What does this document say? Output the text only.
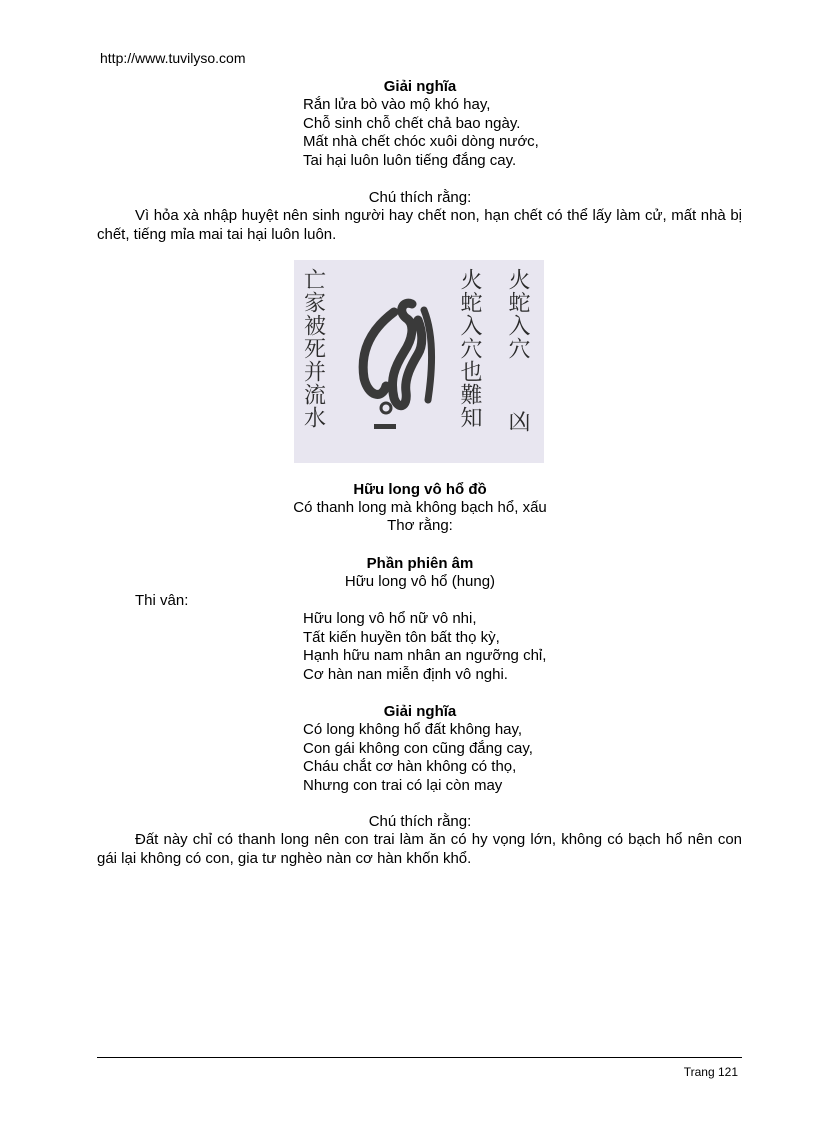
http://www.tuvilyso.com
Giải nghĩa
Rắn lửa bò vào mộ khó hay,
Chỗ sinh chỗ chết chả bao ngày.
Mất nhà chết chóc xuôi dòng nước,
Tai hại luôn luôn tiếng đắng cay.
Chú thích rằng:
Vì hỏa xà nhập huyệt nên sinh người hay chết non, hạn chết có thể lấy làm cử, mất nhà bị chết, tiếng mỉa mai tai hại luôn luôn.
火蛇入穴
凶
火蛇入穴也難知
亡家被死并流水
Hữu long vô hổ đồ
Có thanh long mà không bạch hổ, xấu
Thơ rằng:
Phần phiên âm
Hữu long vô hổ (hung)
Thi vân:
Hữu long vô hổ nữ vô nhi,
Tất kiến huyền tôn bất thọ kỳ,
Hạnh hữu nam nhân an ngưỡng chỉ,
Cơ hàn nan miễn định vô nghi.
Giải nghĩa
Có long không hổ đất không hay,
Con gái không con cũng đắng cay,
Cháu chắt cơ hàn không có thọ,
Nhưng con trai có lại còn may
Chú thích rằng:
Đất này chỉ có thanh long nên con trai làm ăn có hy vọng lớn, không có bạch hổ nên con gái lại không có con, gia tư nghèo nàn cơ hàn khốn khổ.
Trang 121
